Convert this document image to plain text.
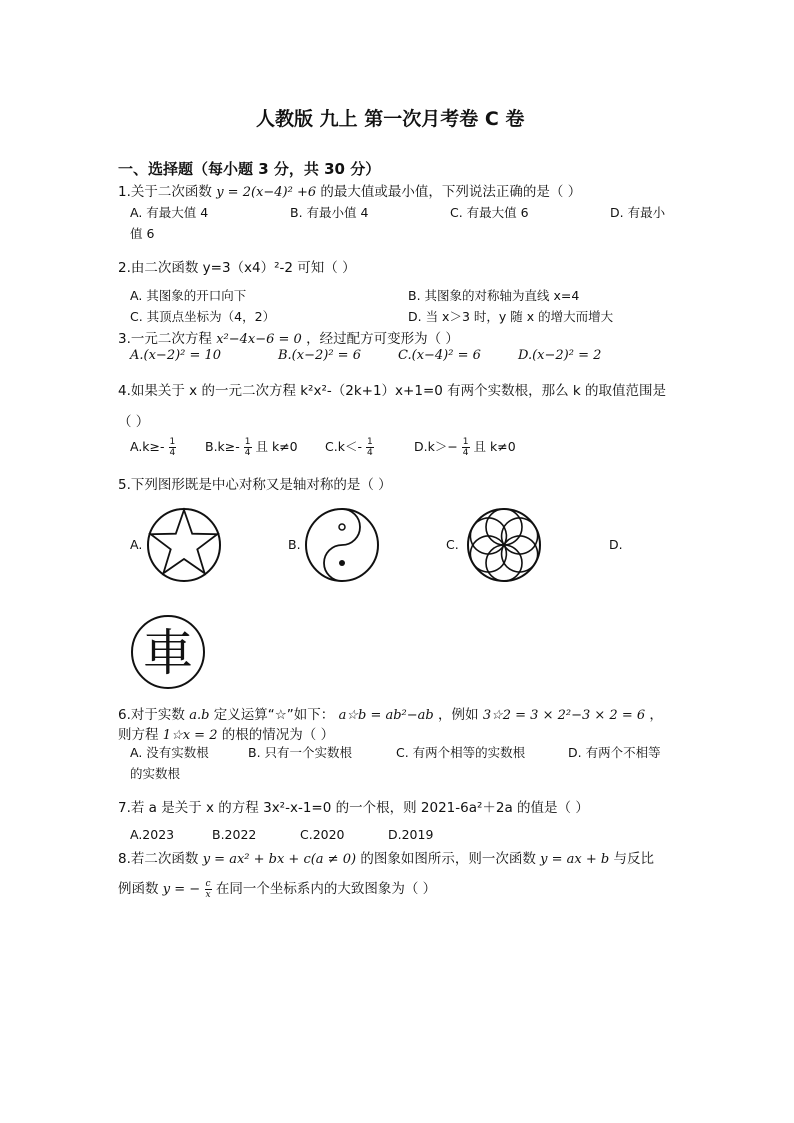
人教版 九上 第一次月考卷 C 卷
一、选择题（每小题 3 分，共 30 分）
1.关于二次函数 y = 2(x−4)² +6 的最大值或最小值，下列说法正确的是（ ）
A. 有最大值 4	B. 有最小值 4	C. 有最大值 6	D. 有最小
值 6
2.由二次函数 y=3（x4）²-2 可知（ ）
A. 其图象的开口向下	B. 其图象的对称轴为直线 x=4
C. 其顶点坐标为（4，2）	D. 当 x＞3 时，y 随 x 的增大而增大
3.一元二次方程 x²−4x−6 = 0 ，经过配方可变形为（ ）
A.(x−2)² = 10	B.(x−2)² = 6	C.(x−4)² = 6	D.(x−2)² = 2
4.如果关于 x 的一元二次方程 k²x²-（2k+1）x+1=0 有两个实数根，那么 k 的取值范围是
（ ）
$A.k\ge- \frac{1}{4} B.k\ge- \frac{1}{4}$ 且 k≠0 $C.k<- \frac{1}{4}$	$D.k>- \frac{1}{4}$ 且 k≠0
5.下列图形既是中心对称又是轴对称的是（ ）
A.	B.	C.	D.
車
6.对于实数 a.b 定义运算“☆”如下： a☆b = ab²−ab ，例如 3☆2 = 3 × 2²−3 × 2 = 6 ，
则方程 1☆x = 2 的根的情况为（ ）
A. 没有实数根	B. 只有一个实数根	C. 有两个相等的实数根	D. 有两个不相等
的实数根
7.若 a 是关于 x 的方程 3x²-x-1=0 的一个根，则 2021-6a²＋2a 的值是（ ）
A.2023	B.2022	C.2020	D.2019
8.若二次函数 y = ax² + bx + c(a ≠ 0) 的图象如图所示，则一次函数 y = ax + b 与反比
例函数 y = − $\frac{c}{x}$ 在同一个坐标系内的大致图象为（ ）
